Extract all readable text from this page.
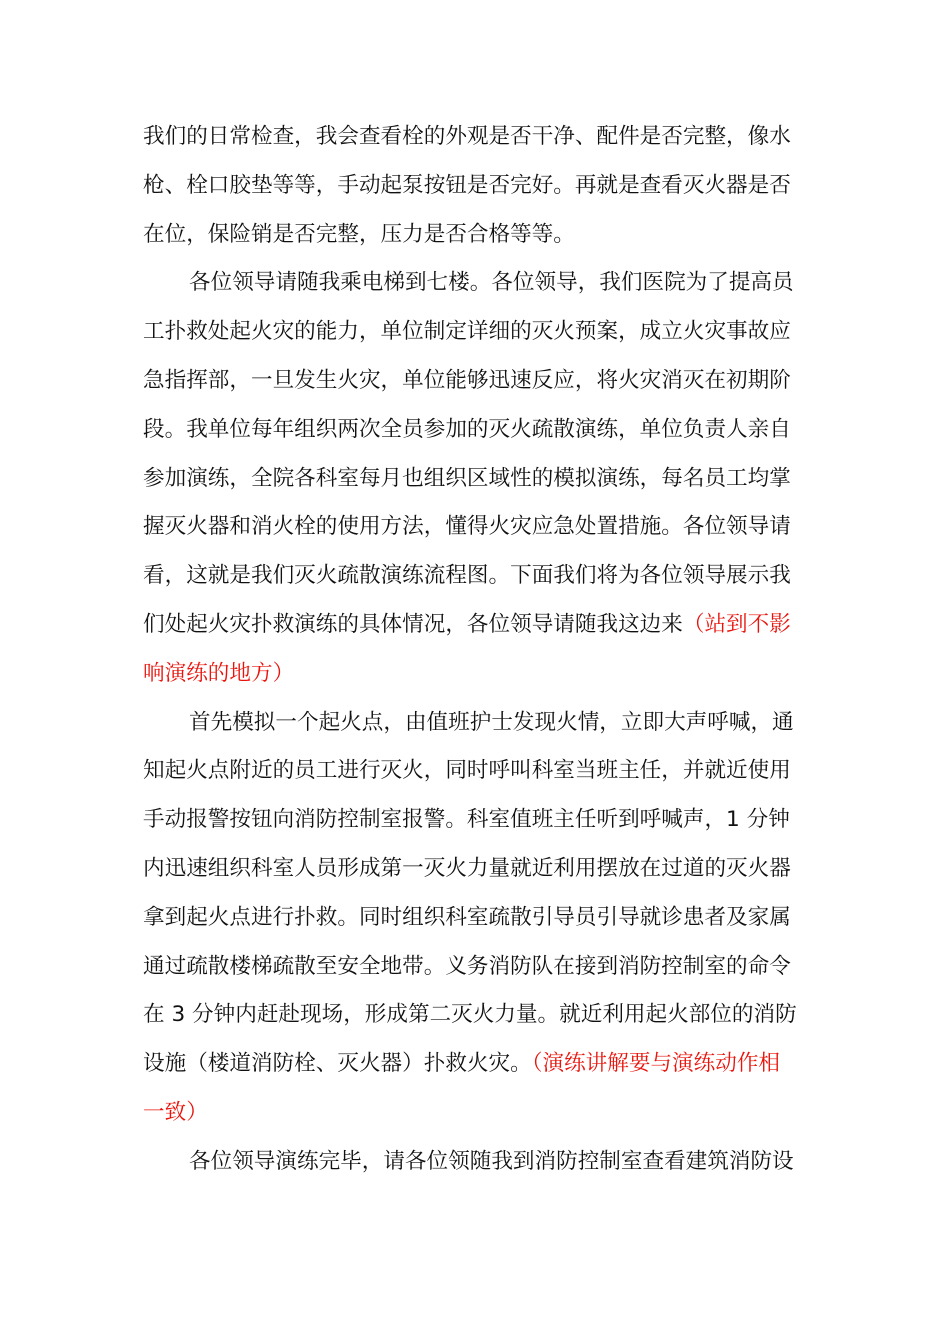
我们的日常检查，我会查看栓的外观是否干净、配件是否完整，像水
枪、栓口胶垫等等，手动起泵按钮是否完好。再就是查看灭火器是否
在位，保险销是否完整，压力是否合格等等。
各位领导请随我乘电梯到七楼。各位领导，我们医院为了提高员
工扑救处起火灾的能力，单位制定详细的灭火预案，成立火灾事故应
急指挥部，一旦发生火灾，单位能够迅速反应，将火灾消灭在初期阶
段。我单位每年组织两次全员参加的灭火疏散演练，单位负责人亲自
参加演练，全院各科室每月也组织区域性的模拟演练，每名员工均掌
握灭火器和消火栓的使用方法，懂得火灾应急处置措施。各位领导请
看，这就是我们灭火疏散演练流程图。下面我们将为各位领导展示我
们处起火灾扑救演练的具体情况，各位领导请随我这边来（站到不影
响演练的地方）
首先模拟一个起火点，由值班护士发现火情，立即大声呼喊，通
知起火点附近的员工进行灭火，同时呼叫科室当班主任，并就近使用
手动报警按钮向消防控制室报警。科室值班主任听到呼喊声，1 分钟
内迅速组织科室人员形成第一灭火力量就近利用摆放在过道的灭火器
拿到起火点进行扑救。同时组织科室疏散引导员引导就诊患者及家属
通过疏散楼梯疏散至安全地带。义务消防队在接到消防控制室的命令
在 3 分钟内赶赴现场，形成第二灭火力量。就近利用起火部位的消防
设施（楼道消防栓、灭火器）扑救火灾。（演练讲解要与演练动作相
一致）
各位领导演练完毕，请各位领随我到消防控制室查看建筑消防设
